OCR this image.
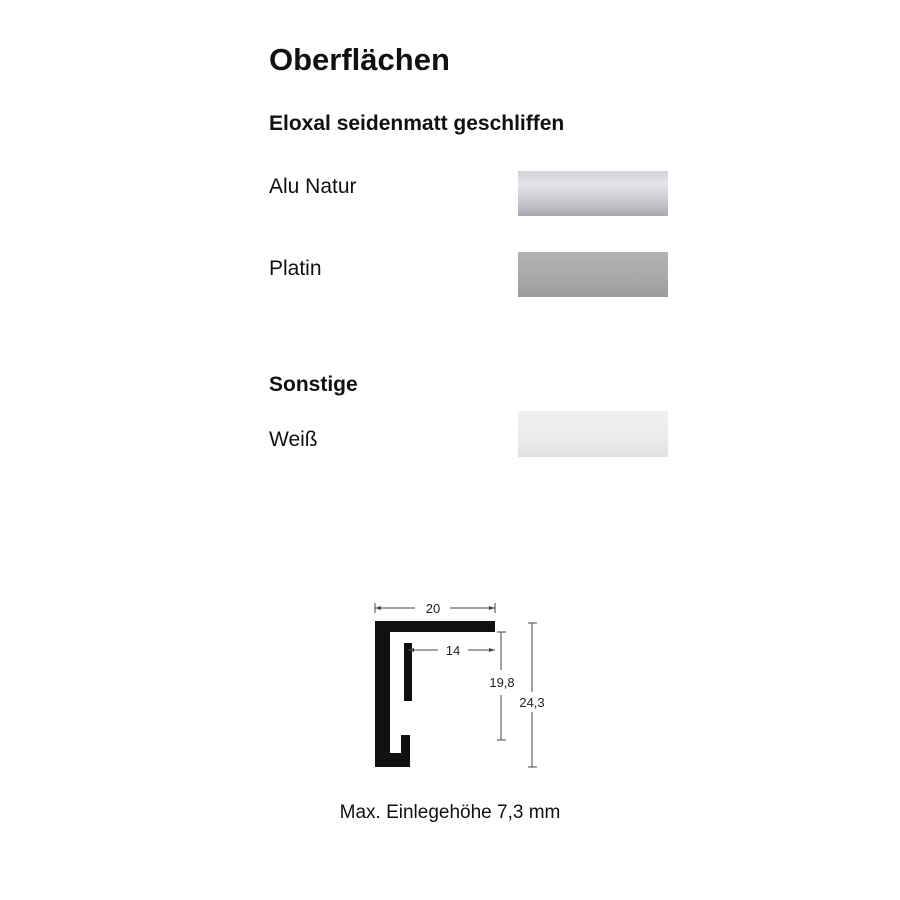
Oberflächen
Eloxal seidenmatt geschliffen
Alu Natur
Platin
Sonstige
Weiß
20
14
19,8
24,3
Max. Einlegehöhe 7,3 mm
